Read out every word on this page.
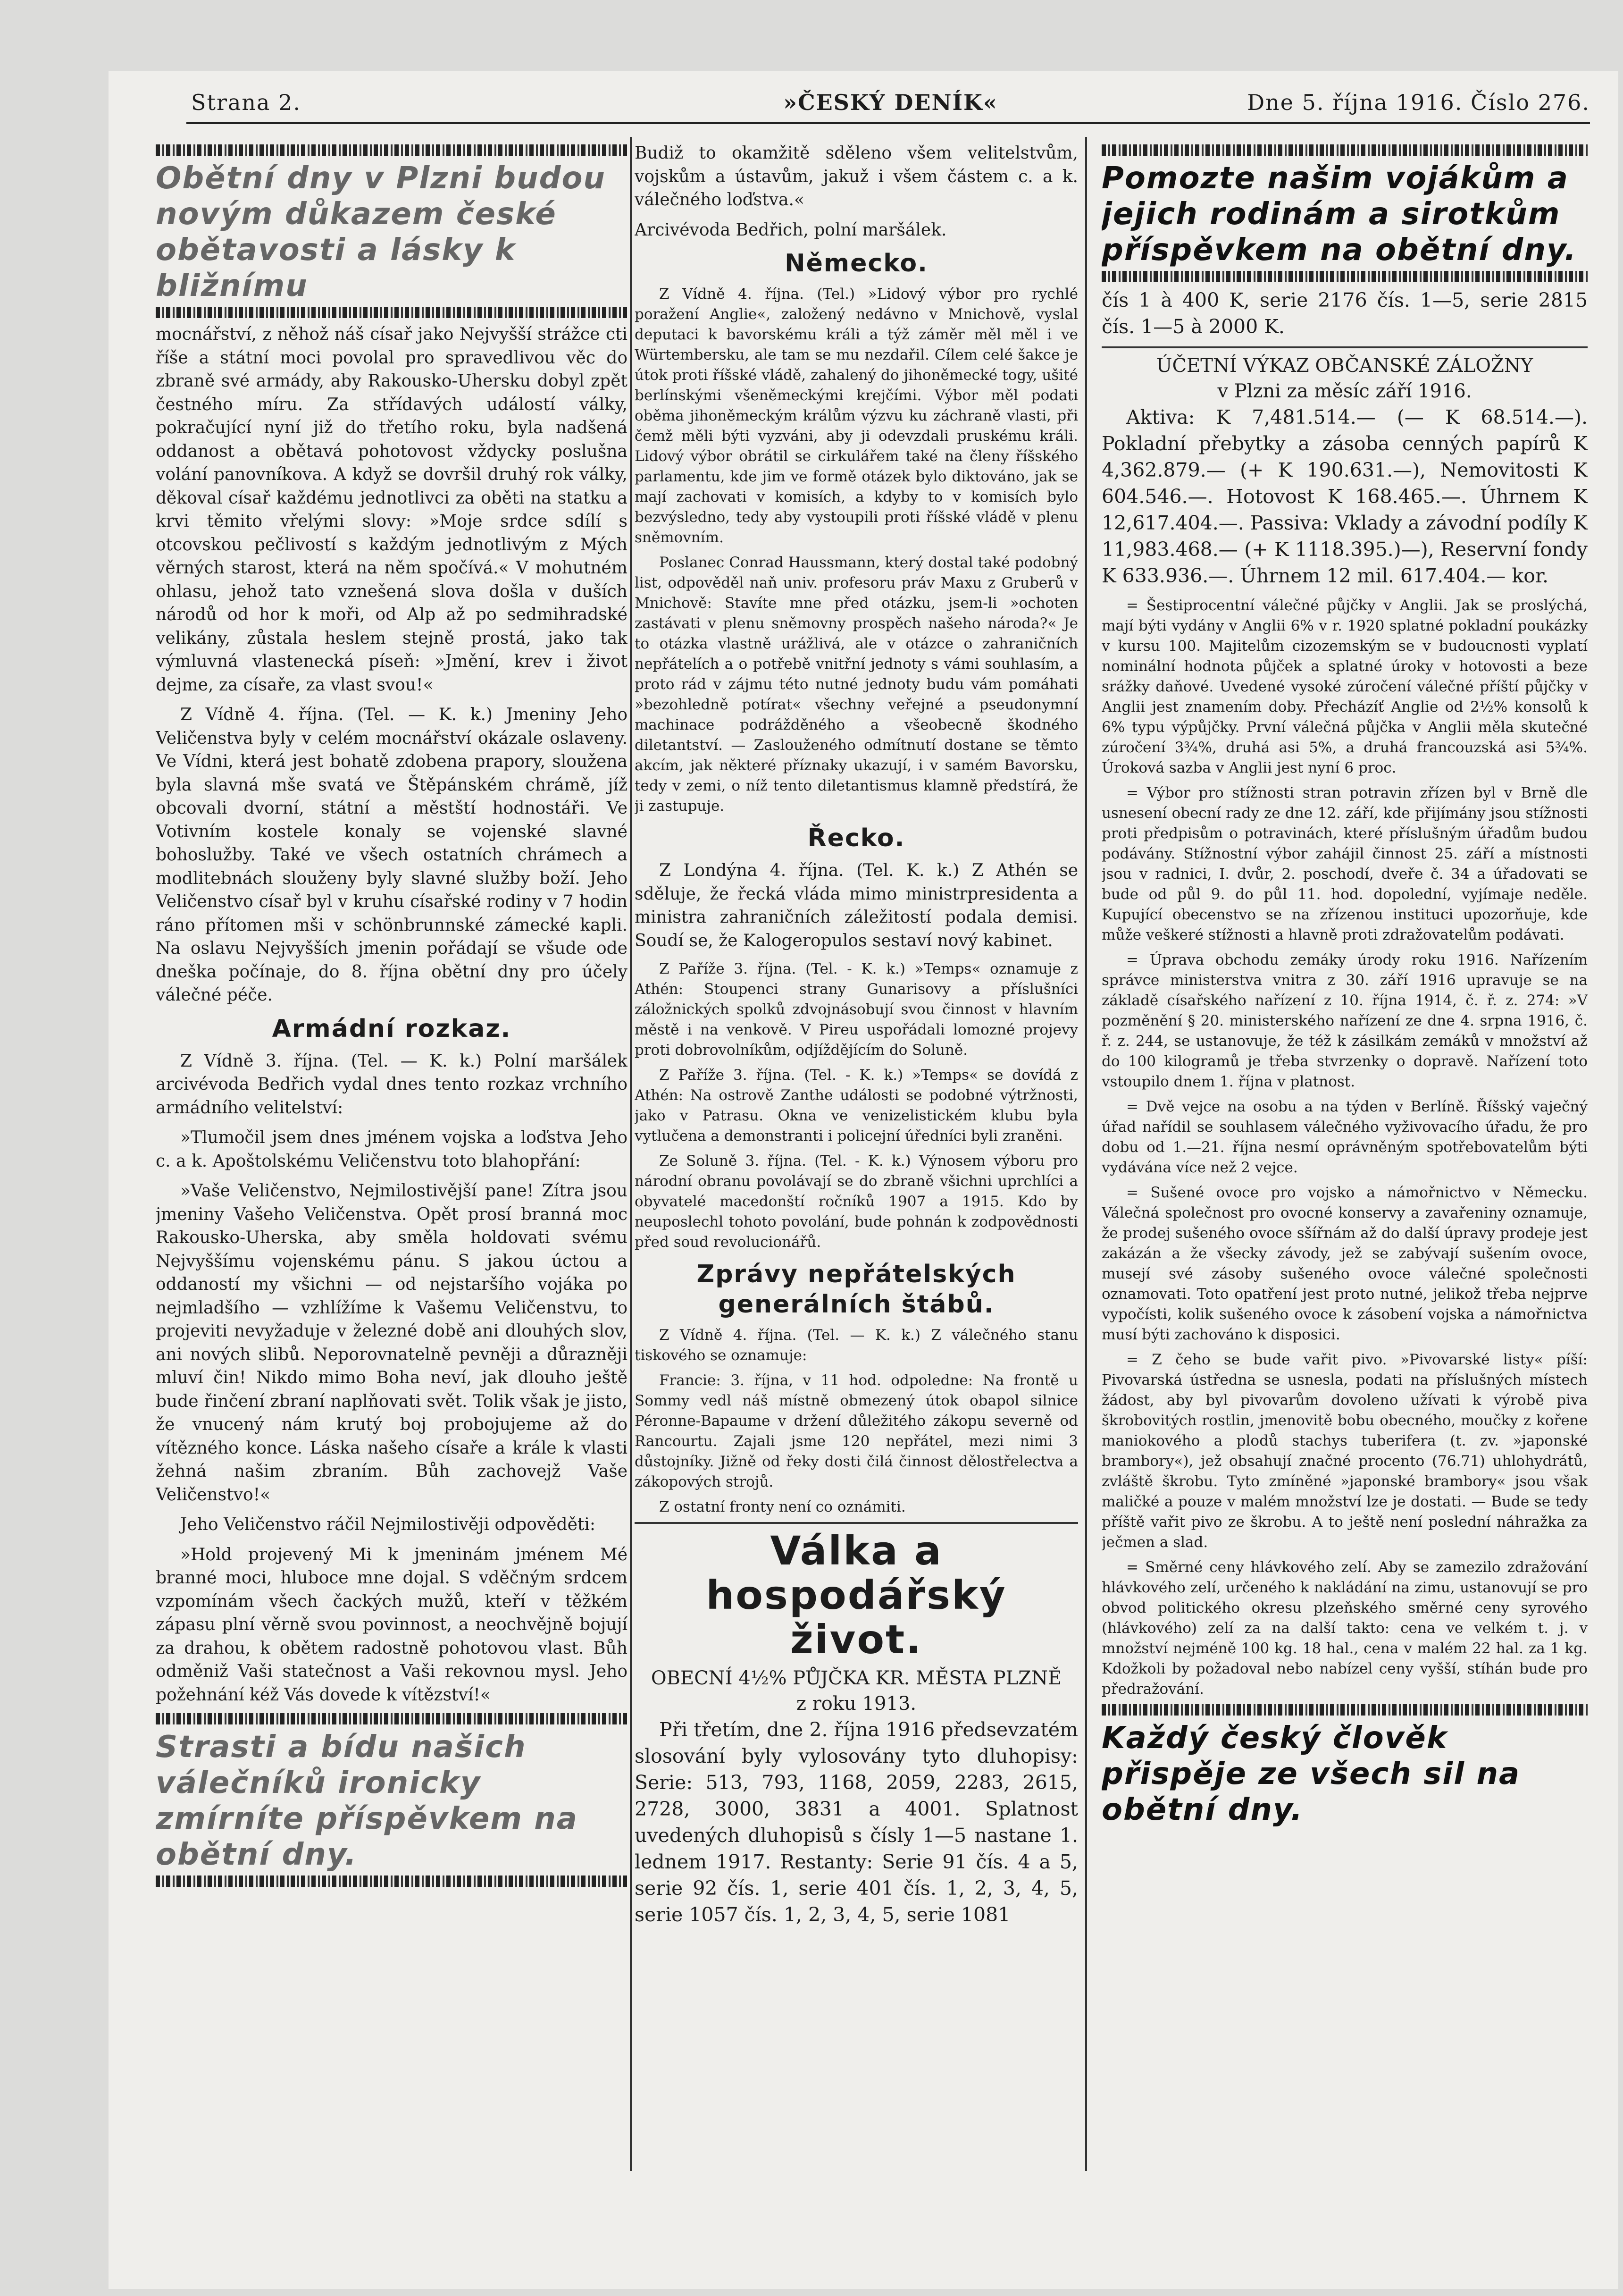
Strana 2.	»ČESKÝ DENÍK«	Dne 5. října 1916. Číslo 276.
Obětní dny v Plzni budou novým důkazem české obětavosti a lásky k bližnímu

mocnářství, z něhož náš císař jako Nejvyšší strážce cti říše a státní moci povolal pro spravedlivou věc do zbraně své armády, aby Rakousko-Uhersku dobyl zpět čestného míru. Za střídavých událostí války, pokračující nyní již do třetího roku, byla nadšená oddanost a obětavá pohotovost vždycky poslušna volání panovníkova. A když se dovršil druhý rok války, děkoval císař každému jednotlivci za oběti na statku a krvi těmito vřelými slovy: »Moje srdce sdílí s otcovskou pečlivostí s každým jednotlivým z Mých věrných starost, která na něm spočívá.« V mohutném ohlasu, jehož tato vznešená slova došla v duších národů od hor k moři, od Alp až po sedmihradské velikány, zůstala heslem stejně prostá, jako tak výmluvná vlastenecká píseň: »Jmění, krev i život dejme, za císaře, za vlast svou!«

Z Vídně 4. října. (Tel. — K. k.) Jmeniny Jeho Veličenstva byly v celém mocnářství okázale oslaveny. Ve Vídni, která jest bohatě zdobena prapory, sloužena byla slavná mše svatá ve Štěpánském chrámě, jíž obcovali dvorní, státní a městští hodnostáři. Ve Votivním kostele konaly se vojenské slavné bohoslužby. Také ve všech ostatních chrámech a modlitebnách slouženy byly slavné služby boží. Jeho Veličenstvo císař byl v kruhu císařské rodiny v 7 hodin ráno přítomen mši v schönbrunnské zámecké kapli. Na oslavu Nejvyšších jmenin pořádají se všude ode dneška počínaje, do 8. října obětní dny pro účely válečné péče.

Armádní rozkaz.

Z Vídně 3. října. (Tel. — K. k.) Polní maršálek arcivévoda Bedřich vydal dnes tento rozkaz vrchního armádního velitelství:

»Tlumočil jsem dnes jménem vojska a loďstva Jeho c. a k. Apoštolskému Veličenstvu toto blahopřání:

»Vaše Veličenstvo, Nejmilostivější pane! Zítra jsou jmeniny Vašeho Veličenstva. Opět prosí branná moc Rakousko-Uherska, aby směla holdovati svému Nejvyššímu vojenskému pánu. S jakou úctou a oddaností my všichni — od nejstaršího vojáka po nejmladšího — vzhlížíme k Vašemu Veličenstvu, to projeviti nevyžaduje v železné době ani dlouhých slov, ani nových slibů. Neporovnatelně pevněji a důrazněji mluví čin! Nikdo mimo Boha neví, jak dlouho ještě bude řinčení zbraní naplňovati svět. Tolik však je jisto, že vnucený nám krutý boj probojujeme až do vítězného konce. Láska našeho císaře a krále k vlasti žehná našim zbraním. Bůh zachovejž Vaše Veličenstvo!«

Jeho Veličenstvo ráčil Nejmilostivěji odpověděti:

»Hold projevený Mi k jmeninám jménem Mé branné moci, hluboce mne dojal. S vděčným srdcem vzpomínám všech čackých mužů, kteří v těžkém zápasu plní věrně svou povinnost, a neochvějně bojují za drahou, k obětem radostně pohotovou vlast. Bůh odměniž Vaši statečnost a Vaši rekovnou mysl. Jeho požehnání kéž Vás dovede k vítězství!«

Strasti a bídu našich válečníků ironicky zmírníte příspěvkem na obětní dny.

Budiž to okamžitě sděleno všem velitelstvům, vojskům a ústavům, jakuž i všem částem c. a k. válečného loďstva.«

Arcivévoda Bedřich, polní maršálek.

Německo.

Z Vídně 4. října. (Tel.) »Lidový výbor pro rychlé poražení Anglie«, založený nedávno v Mnichově, vyslal deputaci k bavorskému králi a týž záměr měl měl i ve Würtembersku, ale tam se mu nezdařil. Cílem celé šakce je útok proti říšské vládě, zahalený do jihoněmecké togy, ušité berlínskými všeněmeckými krejčími. Výbor měl podati oběma jihoněmeckým králům výzvu ku záchraně vlasti, při čemž měli býti vyzváni, aby ji odevzdali pruskému králi. Lidový výbor obrátil se cirkulářem také na členy říšského parlamentu, kde jim ve formě otázek bylo diktováno, jak se mají zachovati v komisích, a kdyby to v komisích bylo bezvýsledno, tedy aby vystoupili proti říšské vládě v plenu sněmovním.

Poslanec Conrad Haussmann, který dostal také podobný list, odpověděl naň univ. profesoru práv Maxu z Gruberů v Mnichově: Stavíte mne před otázku, jsem-li »ochoten zastávati v plenu sněmovny prospěch našeho národa?« Je to otázka vlastně urážlivá, ale v otázce o zahraničních nepřátelích a o potřebě vnitřní jednoty s vámi souhlasím, a proto rád v zájmu této nutné jednoty budu vám pomáhati »bezohledně potírat« všechny veřejné a pseudonymní machinace podrážděného a všeobecně škodného diletantství. — Zaslouženého odmítnutí dostane se těmto akcím, jak některé příznaky ukazují, i v samém Bavorsku, tedy v zemi, o níž tento diletantismus klamně předstírá, že ji zastupuje.

Řecko.

Z Londýna 4. října. (Tel. K. k.) Z Athén se sděluje, že řecká vláda mimo ministrpresidenta a ministra zahraničních záležitostí podala demisi. Soudí se, že Kalogeropulos sestaví nový kabinet.

Z Paříže 3. října. (Tel. - K. k.) »Temps« oznamuje z Athén: Stoupenci strany Gunarisovy a příslušníci záložnických spolků zdvojnásobují svou činnost v hlavním městě i na venkově. V Pireu uspořádali lomozné projevy proti dobrovolníkům, odjíždějícím do Soluně.

Z Paříže 3. října. (Tel. - K. k.) »Temps« se dovídá z Athén: Na ostrově Zanthe události se podobné výtržnosti, jako v Patrasu. Okna ve venizelistickém klubu byla vytlučena a demonstranti i policejní úředníci byli zraněni.

Ze Soluně 3. října. (Tel. - K. k.) Výnosem výboru pro národní obranu povolávají se do zbraně všichni uprchlíci a obyvatelé macedonští ročníků 1907 a 1915. Kdo by neuposlechl tohoto povolání, bude pohnán k zodpovědnosti před soud revolucionářů.

Zprávy nepřátelských generálních štábů.

Z Vídně 4. října. (Tel. — K. k.) Z válečného stanu tiskového se oznamuje:

Francie: 3. října, v 11 hod. odpoledne: Na frontě u Sommy vedl náš místně obmezený útok obapol silnice Péronne-Bapaume v držení důležitého zákopu severně od Rancourtu. Zajali jsme 120 nepřátel, mezi nimi 3 důstojníky. Jižně od řeky dosti čilá činnost dělostřelectva a zákopových strojů.

Z ostatní fronty není co oznámiti.

Válka a hospodářský život.

OBECNÍ 4½% PŮJČKA KR. MĚSTA PLZNĚ

z roku 1913.

Při třetím, dne 2. října 1916 předsevzatém slosování byly vylosovány tyto dluhopisy: Serie: 513, 793, 1168, 2059, 2283, 2615, 2728, 3000, 3831 a 4001. Splatnost uvedených dluhopisů s čísly 1—5 nastane 1. lednem 1917. Restanty: Serie 91 čís. 4 a 5, serie 92 čís. 1, serie 401 čís. 1, 2, 3, 4, 5, serie 1057 čís. 1, 2, 3, 4, 5, serie 1081

Pomozte našim vojákům a jejich rodinám a sirotkům příspěvkem na obětní dny.

čís 1 à 400 K, serie 2176 čís. 1—5, serie 2815 čís. 1—5 à 2000 K.

ÚČETNÍ VÝKAZ OBČANSKÉ ZÁLOŽNY

v Plzni za měsíc září 1916.

Aktiva: K 7,481.514.— (— K 68.514.—). Pokladní přebytky a zásoba cenných papírů K 4,362.879.— (+ K 190.631.—), Nemovitosti K 604.546.—. Hotovost K 168.465.—. Úhrnem K 12,617.404.—. Passiva: Vklady a závodní podíly K 11,983.468.— (+ K 1118.395.)—), Reservní fondy K 633.936.—. Úhrnem 12 mil. 617.404.— kor.

= Šestiprocentní válečné půjčky v Anglii. Jak se proslýchá, mají býti vydány v Anglii 6% v r. 1920 splatné pokladní poukázky v kursu 100. Majitelům cizozemským se v budoucnosti vyplatí nominální hodnota půjček a splatné úroky v hotovosti a beze srážky daňové. Uvedené vysoké zúročení válečné příští půjčky v Anglii jest znamením doby. Přecházíť Anglie od 2½% konsolů k 6% typu výpůjčky. První válečná půjčka v Anglii měla skutečné zúročení 3¾%, druhá asi 5%, a druhá francouzská asi 5¾%. Úroková sazba v Anglii jest nyní 6 proc.

= Výbor pro stížnosti stran potravin zřízen byl v Brně dle usnesení obecní rady ze dne 12. září, kde přijímány jsou stížnosti proti předpisům o potravinách, které příslušným úřadům budou podávány. Stížnostní výbor zahájil činnost 25. září a místnosti jsou v radnici, I. dvůr, 2. poschodí, dveře č. 34 a úřadovati se bude od půl 9. do půl 11. hod. dopolední, vyjímaje neděle. Kupující obecenstvo se na zřízenou instituci upozorňuje, kde může veškeré stížnosti a hlavně proti zdražovatelům podávati.

= Úprava obchodu zemáky úrody roku 1916. Nařízením správce ministerstva vnitra z 30. září 1916 upravuje se na základě císařského nařízení z 10. října 1914, č. ř. z. 274: »V pozměnění § 20. ministerského nařízení ze dne 4. srpna 1916, č. ř. z. 244, se ustanovuje, že též k zásilkám zemáků v množství až do 100 kilogramů je třeba stvrzenky o dopravě. Nařízení toto vstoupilo dnem 1. října v platnost.

= Dvě vejce na osobu a na týden v Berlíně. Říšský vaječný úřad nařídil se souhlasem válečného vyživovacího úřadu, že pro dobu od 1.—21. října nesmí oprávněným spotřebovatelům býti vydávána více než 2 vejce.

= Sušené ovoce pro vojsko a námořnictvo v Německu. Válečná společnost pro ovocné konservy a zavařeniny oznamuje, že prodej sušeného ovoce sšířnám až do další úpravy prodeje jest zakázán a že všecky závody, jež se zabývají sušením ovoce, musejí své zásoby sušeného ovoce válečné společnosti oznamovati. Toto opatření jest proto nutné, jelikož třeba nejprve vypočísti, kolik sušeného ovoce k zásobení vojska a námořnictva musí býti zachováno k disposici.

= Z čeho se bude vařit pivo. »Pivovarské listy« píší: Pivovarská ústředna se usnesla, podati na příslušných místech žádost, aby byl pivovarům dovoleno užívati k výrobě piva škrobovitých rostlin, jmenovitě bobu obecného, moučky z kořene maniokového a plodů stachys tuberifera (t. zv. »japonské brambory«), jež obsahují značné procento (76.71) uhlohydrátů, zvláště škrobu. Tyto zmíněné »japonské brambory« jsou však maličké a pouze v malém množství lze je dostati. — Bude se tedy příště vařit pivo ze škrobu. A to ještě není poslední náhražka za ječmen a slad.

= Směrné ceny hlávkového zelí. Aby se zamezilo zdražování hlávkového zelí, určeného k nakládání na zimu, ustanovují se pro obvod politického okresu plzeňského směrné ceny syrového (hlávkového) zelí za na další takto: cena ve velkém t. j. v množství nejméně 100 kg. 18 hal., cena v malém 22 hal. za 1 kg. Kdožkoli by požadoval nebo nabízel ceny vyšší, stíhán bude pro předražování.

Každý český člověk přispěje ze všech sil na obětní dny.
